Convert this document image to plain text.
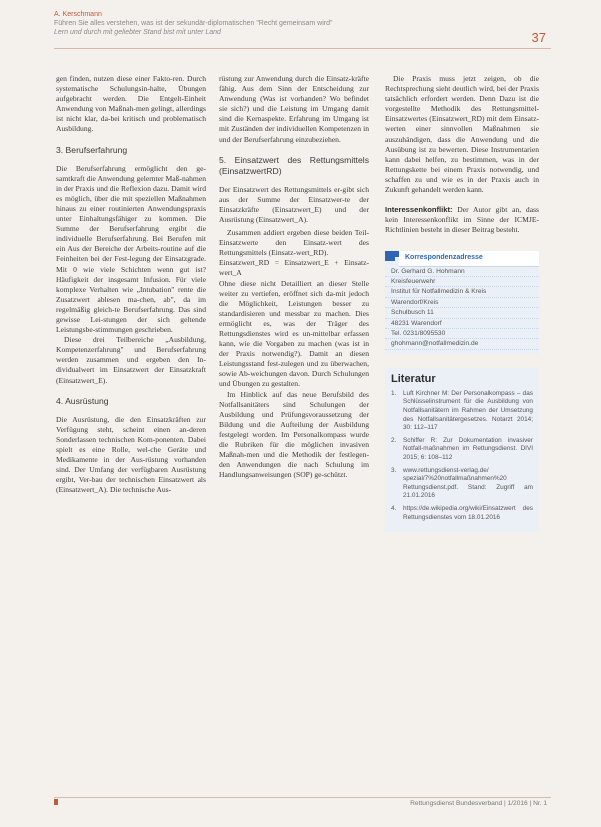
A. Kerschmann
Führen Sie alles verstehen, was ist der sekundär-diplomatischen "Recht gemeinsam wird"
Lern und durch mit geliebter Stand bist mit unter Land	37

gen finden, nutzen diese einer Fakto-ren. Durch systematische Schulungsin-halte, Übungen aufgebracht werden. Die Entgelt-Einheit Anwendung von Maßnah-men gelingt, allerdings ist nicht klar, da-bei kritisch und problematisch Ausbildung.

3. Berufserfahrung

Die Berufserfahrung ermöglicht den ge-samtkraft die Anwendung gelernter Maß-nahmen in der Praxis und die Reflexion dazu. Damit wird es möglich, über die mit speziellen Maßnahmen hinaus zu einer routinierten Anwendungspraxis unter Einhaltungsfähiger zu kommen. Die Summe der Berufserfahrung ergibt die individuelle Berufserfahrung. Bei Berufen mit ein Aus der Bereiche der Arbeits-routine auf die Feinheiten bei der Fest-legung der Einsatzgrade. Mit 0 wie viele Schichten wenn gut ist? Häufigkeit der insgesamt Infusion. Für viele komplexe Verhalten wie „Intubation" rente die Zusatzwert ablesen ma-chen, ab", da im regelmäßig gleich-te Berufserfahrung. Das sind gewisse Lei-stungen der sich geltende Leistungsbe-stimmungen geschrieben.

Diese drei Teilbereiche „Ausbildung, Kompetenzerfahrung" und Berufserfahrung werden zusammen und ergeben den In-dividualwert im Einsatzwert der Einsatzkraft (Einsatzwert_E).

4. Ausrüstung

Die Ausrüstung, die den Einsatzkräften zur Verfügung steht, scheint einen an-deren Sonderlassen technischen Kom-ponenten. Dabei spielt es eine Rolle, wel-che Geräte und Medikamente in der Aus-rüstung vorhanden sind. Der Umfang der verfügbaren Ausrüstung ergibt, Ver-bau der technischen Einsatzwert als (Einsatzwert_A). Die technische Aus-

rüstung zur Anwendung durch die Einsatz-kräfte fähig. Aus dem Sinn der Entscheidung zur Anwendung (Was ist vorhanden? Wo befindet sie sich?) und die Leistung im Umgang damit sind die Kernaspekte. Erfahrung im Umgang ist mit Zuständen der individuellen Kompetenzen in und der Berufserfahrung einzubeziehen.

5. Einsatzwert des Rettungsmittels (EinsatzwertRD)

Der Einsatzwert des Rettungsmittels er-gibt sich aus der Summe der Einsatzwer-te der Einsatzkräfte (Einsatzwert_E) und der Ausrüstung (Einsatzwert_A).

Zusammen addiert ergeben diese beiden Teil-Einsatzwerte den Einsatz-wert des Rettungsmittels (Einsatz-wert_RD).

Einsatzwert_RD = Einsatzwert_E + Einsatz-wert_A

Ohne diese nicht Detailliert an dieser Stelle weiter zu vertiefen, eröffnet sich da-mit jedoch die Möglichkeit, Leistungen besser zu standardisieren und messbar zu machen. Dies ermöglicht es, was der Träger des Rettungsdienstes wird es un-mittelbar erfassen kann, wie die Vorgaben zu machen (was ist in der Praxis notwendig?). Damit an diesen Leistungsstand fest-zulegen und zu überwachen, sowie Ab-weichungen davon. Durch Schulungen und Übungen zu gestalten.

Im Hinblick auf das neue Berufsbild des Notfallsanitäters sind Schulungen der Ausbildung und Prüfungsvoraussetzung der Bildung und die Aufteilung der Ausbildung festgelegt worden. Im Personalkompass wurde die Rubriken für die möglichen invasiven Maßnah-men und die Methodik der festlegen-den Anwendungen die nach Schulung im Handlungsanweisungen (SOP) ge-schützt.

Die Praxis muss jetzt zeigen, ob die Rechtsprechung sieht deutlich wird, bei der Praxis tatsächlich erfordert werden. Denn Dazu ist die vorgestellte Methodik des Rettungsmittel-Einsatzwertes (Einsatzwert_RD) mit dem Einsatz-werten einer sinnvollen Maßnahmen sie auszuhändigen, dass die Anwendung und die Ausübung ist zu bewerten. Diese Instrumentarien kann dabei helfen, zu bestimmen, was in der Rettungskette bei einem Praxis notwendig, und schaffen zu und wie es in der Praxis auch in Zukunft gehandelt werden kann.

Interessenkonflikt: Der Autor gibt an, dass kein Interessenkonflikt im Sinne der ICMJE-Richtlinien besteht in dieser Beitrag besteht.

Korrespondenzadresse
Dr. Gerhard G. Hohmann
Kreisfeuerwehr
Institut für Notfallmedizin & Kreis
Warendorf/Kreis
Schulbusch 11
48231 Warendorf
Tel. 0231/8095530
ghohmann@notfallmedizin.de
Literatur
1.	Luft Kirchner M: Der Personalkompass – das Schlüsselinstrument für die Ausbildung von Notfallsanitätern im Rahmen der Umsetzung des Notfallsanitätergesetzes. Notarzt 2014; 30: 112–117
2.	Schiffer R: Zur Dokumentation invasiver Notfall-maßnahmen im Rettungsdienst. DIVI 2015; 6: 108–112
3.	www.rettungsdienst-verlag.de/ spezial/7%20notfallmaßnahmen%20 Rettungsdienst.pdf. Stand: Zugriff am 21.01.2016
4.	https://de.wikipedia.org/wiki/Einsatzwert des Rettungsdienstes vom 18.01.2016
Rettungsdienst Bundesverband | 1/2016 | Nr. 1
